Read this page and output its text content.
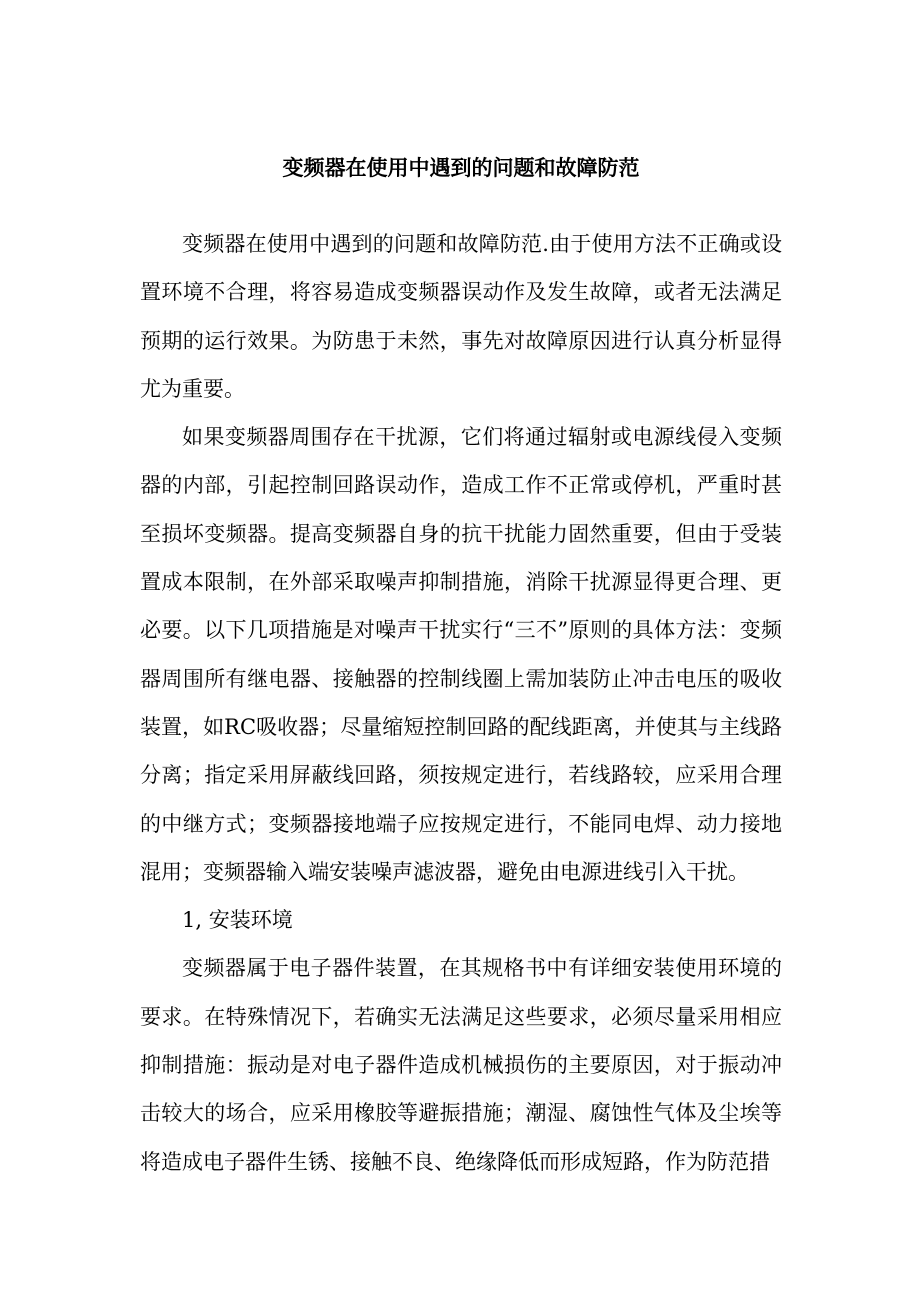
变频器在使用中遇到的问题和故障防范

变频器在使用中遇到的问题和故障防范.由于使用方法不正确或设置环境不合理，将容易造成变频器误动作及发生故障，或者无法满足预期的运行效果。为防患于未然，事先对故障原因进行认真分析显得尤为重要。

如果变频器周围存在干扰源，它们将通过辐射或电源线侵入变频器的内部，引起控制回路误动作，造成工作不正常或停机，严重时甚至损坏变频器。提高变频器自身的抗干扰能力固然重要，但由于受装置成本限制，在外部采取噪声抑制措施，消除干扰源显得更合理、更必要。以下几项措施是对噪声干扰实行“三不”原则的具体方法：变频器周围所有继电器、接触器的控制线圈上需加装防止冲击电压的吸收装置，如RC吸收器；尽量缩短控制回路的配线距离，并使其与主线路分离；指定采用屏蔽线回路，须按规定进行，若线路较，应采用合理的中继方式；变频器接地端子应按规定进行，不能同电焊、动力接地混用；变频器输入端安装噪声滤波器，避免由电源进线引入干扰。

1, 安装环境

变频器属于电子器件装置，在其规格书中有详细安装使用环境的要求。在特殊情况下，若确实无法满足这些要求，必须尽量采用相应抑制措施：振动是对电子器件造成机械损伤的主要原因，对于振动冲击较大的场合，应采用橡胶等避振措施；潮湿、腐蚀性气体及尘埃等将造成电子器件生锈、接触不良、绝缘降低而形成短路，作为防范措
